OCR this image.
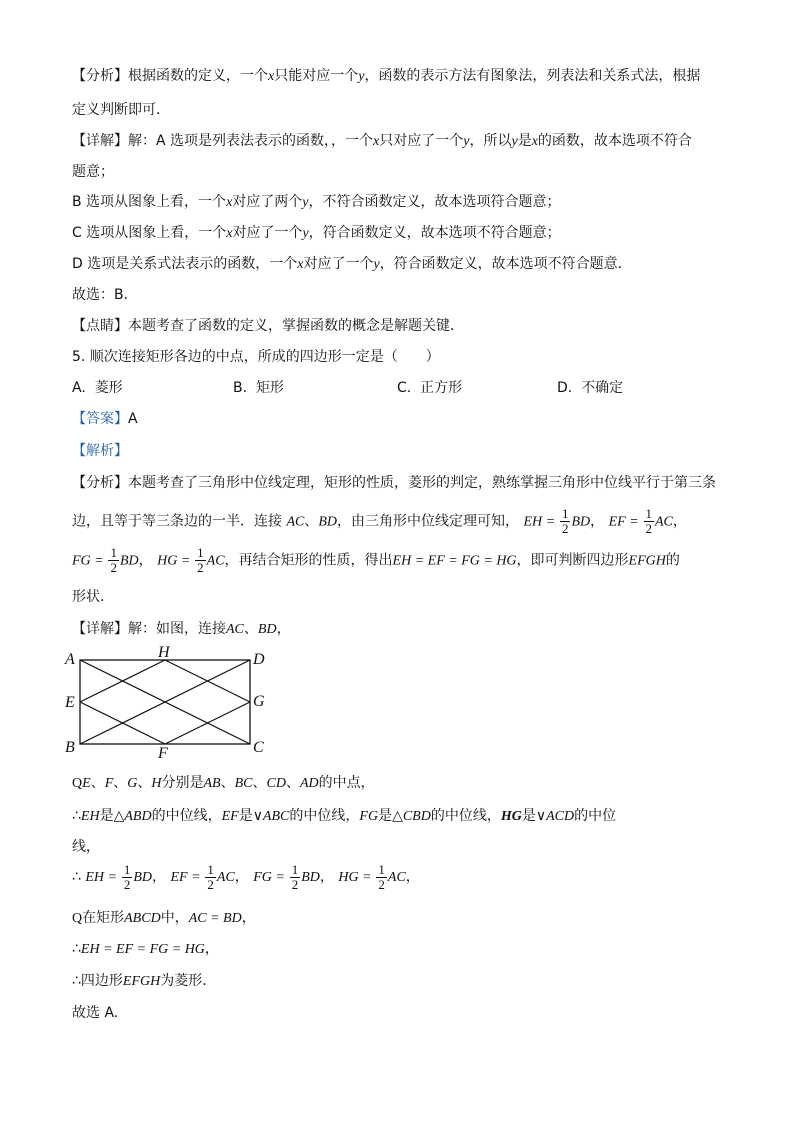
【分析】根据函数的定义，一个x只能对应一个y，函数的表示方法有图象法，列表法和关系式法，根据
定义判断即可．
【详解】解：A 选项是列表法表示的函数，，一个x只对应了一个y，所以y是x的函数，故本选项不符合
题意；
B 选项从图象上看，一个x对应了两个y，不符合函数定义，故本选项符合题意；
C 选项从图象上看，一个x对应了一个y，符合函数定义，故本选项不符合题意；
D 选项是关系式法表示的函数，一个x对应了一个y，符合函数定义，故本选项不符合题意．
故选：B．
【点睛】本题考查了函数的定义，掌握函数的概念是解题关键．
5. 顺次连接矩形各边的中点，所成的四边形一定是（　　）
A. 菱形	B. 矩形	C. 正方形	D. 不确定
【答案】A
【解析】
【分析】本题考查了三角形中位线定理，矩形的性质，菱形的判定，熟练掌握三角形中位线平行于第三条
边，且等于等三条边的一半．连接 AC、BD，由三角形中位线定理可知， EH = $\frac{1}{2}$ BD， EF = $\frac{1}{2}$ AC，
FG = $\frac{1}{2}$ BD， HG = $\frac{1}{2}$ AC，再结合矩形的性质，得出EH = EF = FG = HG，即可判断四边形EFGH的
形状．
【详解】解：如图，连接AC、BD，
A	H	D
E	G
B	F	C
QE、F、G、H分别是AB、BC、CD、AD的中点，
∴EH是△ABD的中位线，EF是∨ABC的中位线，FG是△CBD的中位线，HG是∨ACD的中位
线，
∴ EH = $\frac{1}{2}$ BD， EF = $\frac{1}{2}$ AC， FG = $\frac{1}{2}$ BD， HG = $\frac{1}{2}$ AC，
Q在矩形ABCD中，AC = BD，
∴EH = EF = FG = HG，
∴四边形EFGH为菱形．
故选 A.
